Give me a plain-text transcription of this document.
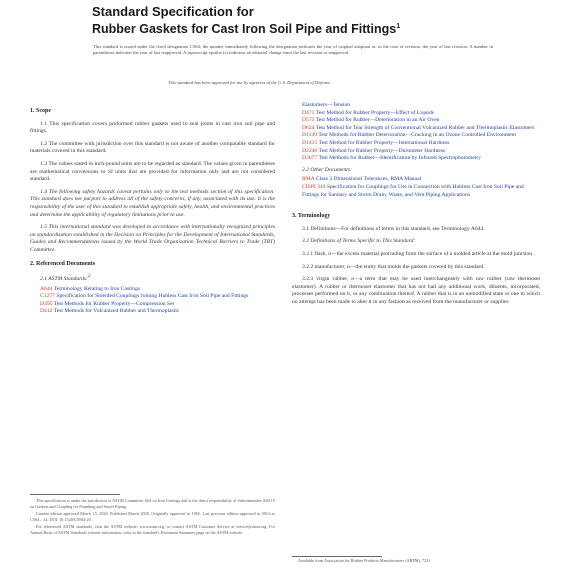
Standard Specification for

Rubber Gaskets for Cast Iron Soil Pipe and Fittings$^1$

This standard is issued under the fixed designation C564; the number immediately following the designation indicates the year of original adoption or, in the case of revision, the year of last revision. A number in parentheses indicates the year of last reapproval. A superscript epsilon (ε) indicates an editorial change since the last revision or reapproval.

This standard has been approved for use by agencies of the U.S. Department of Defense.

1. Scope

1.1 This specification covers preformed rubber gaskets used to seal joints in cast iron soil pipe and fittings.

1.2 The committee with jurisdiction over this standard is not aware of another comparable standard for materials covered in this standard.

1.3 The values stated in inch-pound units are to be regarded as standard. The values given in parentheses are mathematical conversions to SI units that are provided for information only and are not considered standard.

1.4 The following safety hazards caveat pertains only to the test methods section of this specification: This standard does not purport to address all of the safety concerns, if any, associated with its use. It is the responsibility of the user of this standard to establish appropriate safety, health, and environmental practices and determine the applicability of regulatory limitations prior to use.

1.5 This international standard was developed in accordance with internationally recognized principles on standardization established in the Decision on Principles for the Development of International Standards, Guides and Recommendations issued by the World Trade Organization Technical Barriers to Trade (TBT) Committee.

2. Referenced Documents
2.1 ASTM Standards:$^2$
A644 Terminology Relating to Iron Castings
C1277 Specification for Shielded Couplings Joining Hubless Cast Iron Soil Pipe and Fittings
D395 Test Methods for Rubber Property—Compression Set
D412 Test Methods for Vulcanized Rubber and Thermoplastic

This specification is under the jurisdiction of ASTM Committee A04 on Iron Castings and is the direct responsibility of Subcommittee A04.19 on Gaskets and Coupling for Plumbing and Sewer Piping.

Current edition approved March 15, 2020. Published March 2020. Originally approved in 1965. Last previous edition approved in 2014 as C564 – 14. DOI: 10.1520/C0564-20.

For referenced ASTM standards, visit the ASTM website, www.astm.org, or contact ASTM Customer Service at service@astm.org. For Annual Book of ASTM Standards volume information, refer to the standard's Document Summary page on the ASTM website.

Elastomers—Tension
D471 Test Method for Rubber Property—Effect of Liquids
D573 Test Method for Rubber—Deterioration in an Air Oven
D624 Test Method for Tear Strength of Conventional Vulcanized Rubber and Thermoplastic Elastomers
D1149 Test Methods for Rubber Deterioration—Cracking in an Ozone Controlled Environment
D1415 Test Method for Rubber Property—International Hardness
D2240 Test Method for Rubber Property—Durometer Hardness
D3677 Test Methods for Rubber—Identification by Infrared Spectrophotometry
2.2 Other Documents:
RMA Class 3 Dimensional Tolerances, RMA Manual
CISPI 310 Specification for Couplings for Use in Connection with Hubless Cast Iron Soil Pipe and Fittings for Sanitary and Storm Drain, Waste, and Vent Piping Applications
3. Terminology

3.1 Definitions—For definitions of terms in this standard, see Terminology A644.

3.2 Definitions of Terms Specific to This Standard:

3.2.1 flash, n—the excess material protruding from the surface of a molded article at the mold junction.

3.2.2 manufacturer, n—the entity that molds the gaskets covered by this standard.

3.2.3 virgin rubber, n—a term that may be used interchangeably with raw rubber (raw thermoset elastomer). A rubber or thermoset elastomer that has not had any additional work, diluents, incorporated, processes performed on it, or any combination thereof. A rubber that is in an unmodified state or one in which no attempt has been made to alter it in any fashion as received from the manufacturer or supplier.

Available from Association for Rubber Products Manufacturers (ARPM), 7321
